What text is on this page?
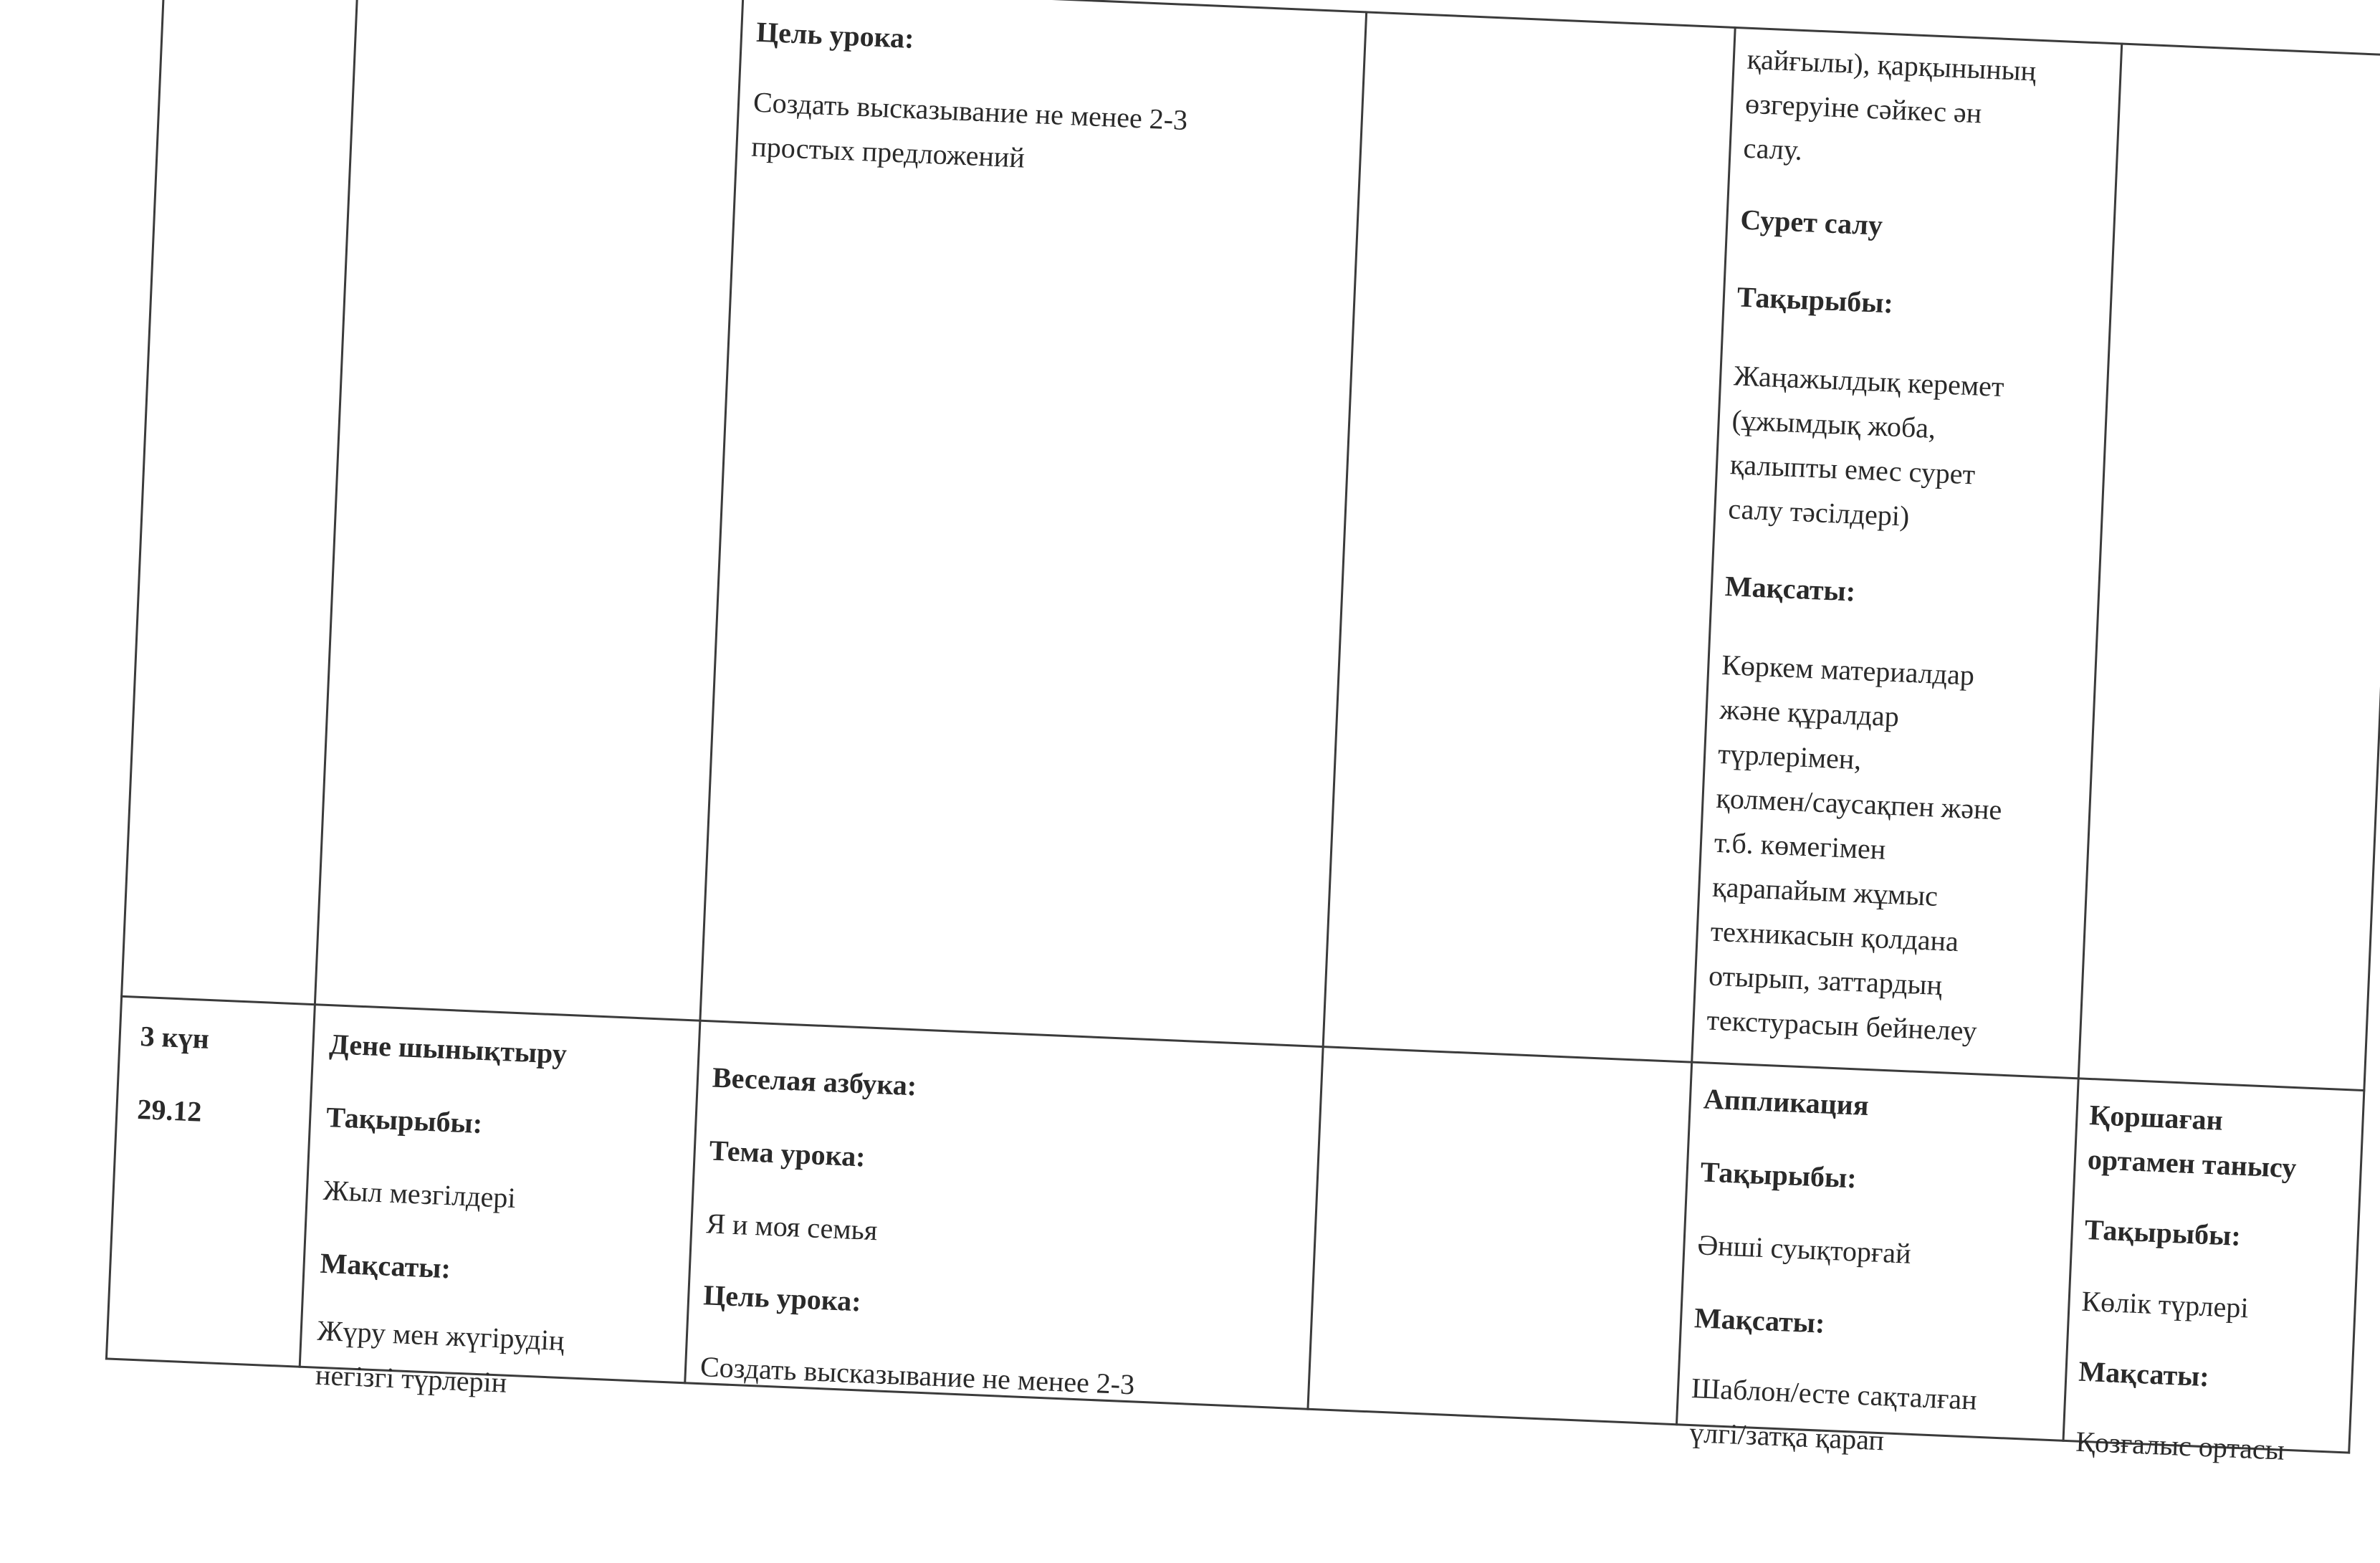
Цель урока:
Создать высказывание не менее 2-3
простых предложений
қайғылы), қарқынының
өзгеруіне сәйкес ән
салу.
Сурет салу
Тақырыбы:
Жаңажылдық керемет
(ұжымдық жоба,
қалыпты емес сурет
салу тәсілдері)
Мақсаты:
Көркем материалдар
және құралдар
түрлерімен,
қолмен/саусақпен және
т.б. көмегімен
қарапайым жұмыс
техникасын қолдана
отырып, заттардың
текстурасын бейнелеу
3 күн
29.12
Дене шынықтыру
Тақырыбы:
Жыл мезгілдері
Мақсаты:
Жүру мен жүгірудің
негізгі түрлерін
Веселая азбука:
Тема урока:
Я и моя семья
Цель урока:
Создать высказывание не менее 2-3
Аппликация
Тақырыбы:
Әнші суықторғай
Мақсаты:
Шаблон/есте сақталған
үлгі/затқа қарап
Қоршаған
ортамен танысу
Тақырыбы:
Көлік түрлері
Мақсаты:
Қозғалыс ортасы
